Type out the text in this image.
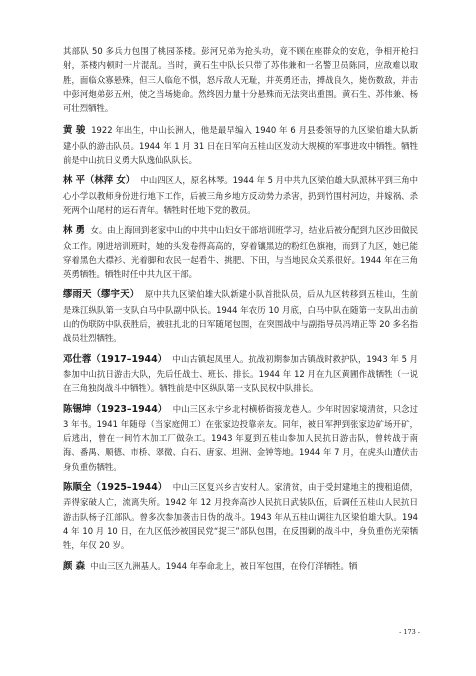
其部队 50 多兵力包围了桃园茶楼。彭河兄弟为抢头功，竟不顾在座群众的安危，争相开枪扫射，茶楼内顿时一片混乱。当时，黄石生中队长只带了苏伟兼和一名警卫员陈同，应敌难以取胜，面临众寡悬殊，但三人临危不惧，怒斥敌人无耻，并英勇还击，搏战良久，毙伤数敌，并击中彭河炮弟彭五州，使之当场毙命。然终因力量十分悬殊而无法突出重围。黄石生、苏伟兼、杨可壮烈牺牲。

黄 骏 1922 年出生，中山长洲人，他是最早编入 1940 年 6 月县委领导的九区梁伯雄大队新建小队的游击队员。1944 年 1 月 31 日在日军向五桂山区发动大规模的军事进攻中牺牲。牺牲前是中山抗日义勇大队逸仙队队长。

林 平（林萍 女） 中山四区人，原名林琴。1944 年 5 月中共九区梁伯雄大队派林平到三角中心小学以教师身份进行地下工作，后被三角乡地方反动势力杀害，扔到竹围村河边，并嫁祸、杀死两个山尾村的运石青年。牺牲时任地下党的教员。

林 勇 女。由上海回到老家中山的中共中山妇女干部培训班学习，结业后被分配到九区沙田做民众工作。刚进培训班时，她的头发卷得高高的，穿着镶黑边的粉红色旗袍，而到了九区，她已能穿着黑色大襟衫、光着脚和农民一起看牛、挑肥、下田，与当地民众关系很好。1944 年在三角英勇牺牲。牺牲时任中共九区干部。

缪雨天（缪宇天） 原中共九区梁伯雄大队新建小队首批队员，后从九区转移到五桂山，生前是珠江纵队第一支队白马中队副中队长。1944 年农历 10 月底，白马中队在随第一支队出击前山的伪联防中队获胜后，被驻扎北的日军随尾包围，在突围战中与副指导员冯靖正等 20 多名指战员壮烈牺牲。

邓仕蓉（1917–1944） 中山古镇起凤里人。抗战初期参加古镇战时救护队，1943 年 5 月参加中山抗日游击大队，先后任战士、班长、排长。1944 年 12 月在九区黄圃作战牺牲（一说在三角独岗战斗中牺牲）。牺牲前是中区纵队第一支队民权中队排长。

陈锡坤（1923–1944） 中山三区永宁乡北村横桥街接龙巷人。少年时因家境清贫，只念过 3 年书。1941 年随母（当家庭佣工）在张家边投靠亲友。同年，被日军押到张家边矿场开矿，后逃出，曾在一间竹木加工厂做杂工。1943 年夏到五桂山参加人民抗日游击队，曾转战于南海、番禺、顺德、市桥、翠微、白石、唐家、坦洲、金钟等地。1944 年 7 月，在虎头山遭伏击身负重伤牺牲。

陈顺全（1925–1944） 中山三区复兴乡吉安村人。家清贫，由于受封建地主的搜租追债，弄得家破人亡，流离失所。1942 年 12 月投奔高沙人民抗日武装队伍，后调任五桂山人民抗日游击队杨子江部队。曾多次参加袭击日伪的战斗。1943 年从五桂山调往九区梁伯雄大队。1944 年 10 月 10 日，在九区低沙被国民党“捉三”部队包围，在反围剿的战斗中，身负重伤光荣牺牲，年仅 20 岁。

颜 森 中山三区九洲基人。1944 年奉命北上，被日军包围，在伶仃洋牺牲。牺

- 173 -
